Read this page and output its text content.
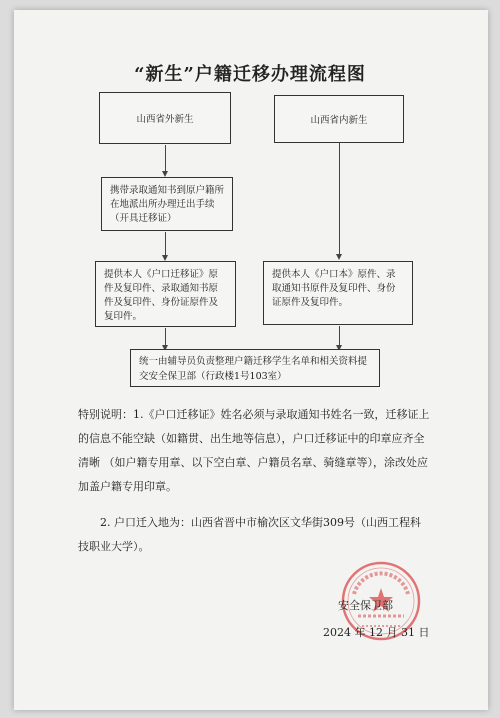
“新生”户籍迁移办理流程图
山西省外新生	山西省内新生
携带录取通知书到原户籍所在地派出所办理迁出手续（开具迁移证）
提供本人《户口迁移证》原件及复印件、录取通知书原件及复印件、身份证原件及复印件。
提供本人《户口本》原件、录取通知书原件及复印件、身份证原件及复印件。
统一由辅导员负责整理户籍迁移学生名单和相关资料提交安全保卫部（行政楼1号103室）
特别说明：1.《户口迁移证》姓名必须与录取通知书姓名一致，迁移证上的信息不能空缺（如籍贯、出生地等信息），户口迁移证中的印章应齐全清晰 （如户籍专用章、以下空白章、户籍员名章、骑缝章等），涂改处应加盖户籍专用印章。
2. 户口迁入地为：山西省晋中市榆次区文华街309号（山西工程科技职业大学）。
安全保卫部
2024 年 12 月 31 日
